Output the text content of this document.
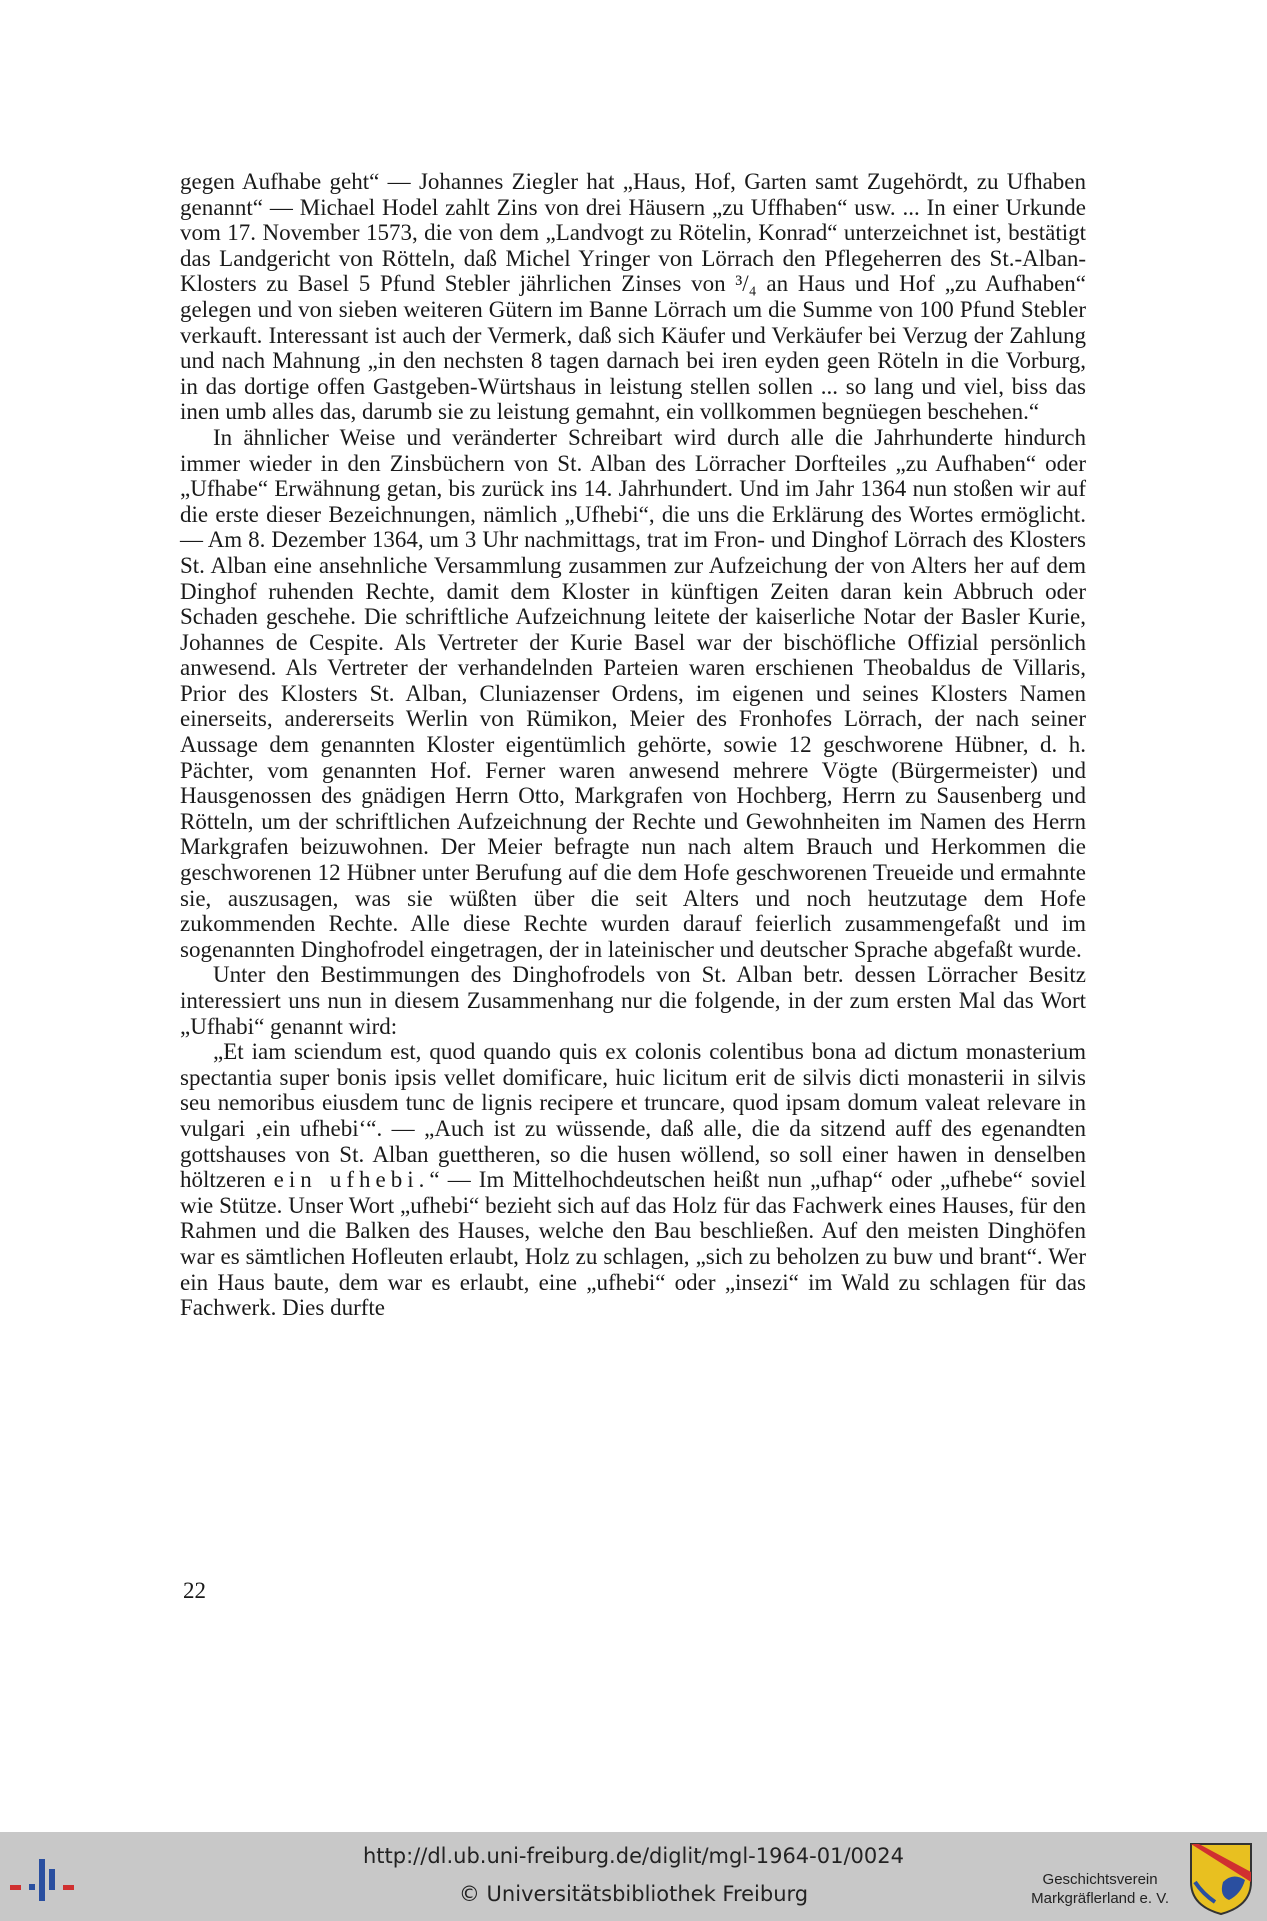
gegen Aufhabe geht“ — Johannes Ziegler hat „Haus, Hof, Garten samt Zugehördt, zu Ufhaben genannt“ — Michael Hodel zahlt Zins von drei Häusern „zu Uffhaben“ usw. ... In einer Urkunde vom 17. November 1573, die von dem „Landvogt zu Rötelin, Konrad“ unterzeichnet ist, bestätigt das Landgericht von Rötteln, daß Michel Yringer von Lörrach den Pflegeherren des St.-Alban-Klosters zu Basel 5 Pfund Stebler jährlichen Zinses von ³/₄ an Haus und Hof „zu Aufhaben“ gelegen und von sieben weiteren Gütern im Banne Lörrach um die Summe von 100 Pfund Stebler verkauft. Interessant ist auch der Vermerk, daß sich Käufer und Verkäufer bei Verzug der Zahlung und nach Mahnung „in den nechsten 8 tagen darnach bei iren eyden geen Röteln in die Vorburg, in das dortige offen Gastgeben-Würtshaus in leistung stellen sollen ... so lang und viel, biss das inen umb alles das, darumb sie zu leistung gemahnt, ein vollkommen begnüegen beschehen.“

In ähnlicher Weise und veränderter Schreibart wird durch alle die Jahrhunderte hindurch immer wieder in den Zinsbüchern von St. Alban des Lörracher Dorfteiles „zu Aufhaben“ oder „Ufhabe“ Erwähnung getan, bis zurück ins 14. Jahrhundert. Und im Jahr 1364 nun stoßen wir auf die erste dieser Bezeichnungen, nämlich „Ufhebi“, die uns die Erklärung des Wortes ermöglicht. — Am 8. Dezember 1364, um 3 Uhr nachmittags, trat im Fron- und Dinghof Lörrach des Klosters St. Alban eine ansehnliche Versammlung zusammen zur Aufzeichung der von Alters her auf dem Dinghof ruhenden Rechte, damit dem Kloster in künftigen Zeiten daran kein Abbruch oder Schaden geschehe. Die schriftliche Aufzeichnung leitete der kaiserliche Notar der Basler Kurie, Johannes de Cespite. Als Vertreter der Kurie Basel war der bischöfliche Offizial persönlich anwesend. Als Vertreter der verhandelnden Parteien waren erschienen Theobaldus de Villaris, Prior des Klosters St. Alban, Cluniazenser Ordens, im eigenen und seines Klosters Namen einerseits, andererseits Werlin von Rümikon, Meier des Fronhofes Lörrach, der nach seiner Aussage dem genannten Kloster eigentümlich gehörte, sowie 12 geschworene Hübner, d. h. Pächter, vom genannten Hof. Ferner waren anwesend mehrere Vögte (Bürgermeister) und Hausgenossen des gnädigen Herrn Otto, Markgrafen von Hochberg, Herrn zu Sausenberg und Rötteln, um der schriftlichen Aufzeichnung der Rechte und Gewohnheiten im Namen des Herrn Markgrafen beizuwohnen. Der Meier befragte nun nach altem Brauch und Herkommen die geschworenen 12 Hübner unter Berufung auf die dem Hofe geschworenen Treueide und ermahnte sie, auszusagen, was sie wüßten über die seit Alters und noch heutzutage dem Hofe zukommenden Rechte. Alle diese Rechte wurden darauf feierlich zusammengefaßt und im sogenannten Dinghofrodel eingetragen, der in lateinischer und deutscher Sprache abgefaßt wurde.

Unter den Bestimmungen des Dinghofrodels von St. Alban betr. dessen Lörracher Besitz interessiert uns nun in diesem Zusammenhang nur die folgende, in der zum ersten Mal das Wort „Ufhabi“ genannt wird:

„Et iam sciendum est, quod quando quis ex colonis colentibus bona ad dictum monasterium spectantia super bonis ipsis vellet domificare, huic licitum erit de silvis dicti monasterii in silvis seu nemoribus eiusdem tunc de lignis recipere et truncare, quod ipsam domum valeat relevare in vulgari ‚ein ufhebi‘“. — „Auch ist zu wüssende, daß alle, die da sitzend auff des egenandten gottshauses von St. Alban guettheren, so die husen wöllend, so soll einer hawen in denselben höltzeren ein ufhebi.“ — Im Mittelhochdeutschen heißt nun „ufhap“ oder „ufhebe“ soviel wie Stütze. Unser Wort „ufhebi“ bezieht sich auf das Holz für das Fachwerk eines Hauses, für den Rahmen und die Balken des Hauses, welche den Bau beschließen. Auf den meisten Dinghöfen war es sämtlichen Hofleuten erlaubt, Holz zu schlagen, „sich zu beholzen zu buw und brant“. Wer ein Haus baute, dem war es erlaubt, eine „ufhebi“ oder „insezi“ im Wald zu schlagen für das Fachwerk. Dies durfte

22
http://dl.ub.uni-freiburg.de/diglit/mgl-1964-01/0024
© Universitätsbibliothek Freiburg
Geschichtsverein
Markgräflerland e. V.
